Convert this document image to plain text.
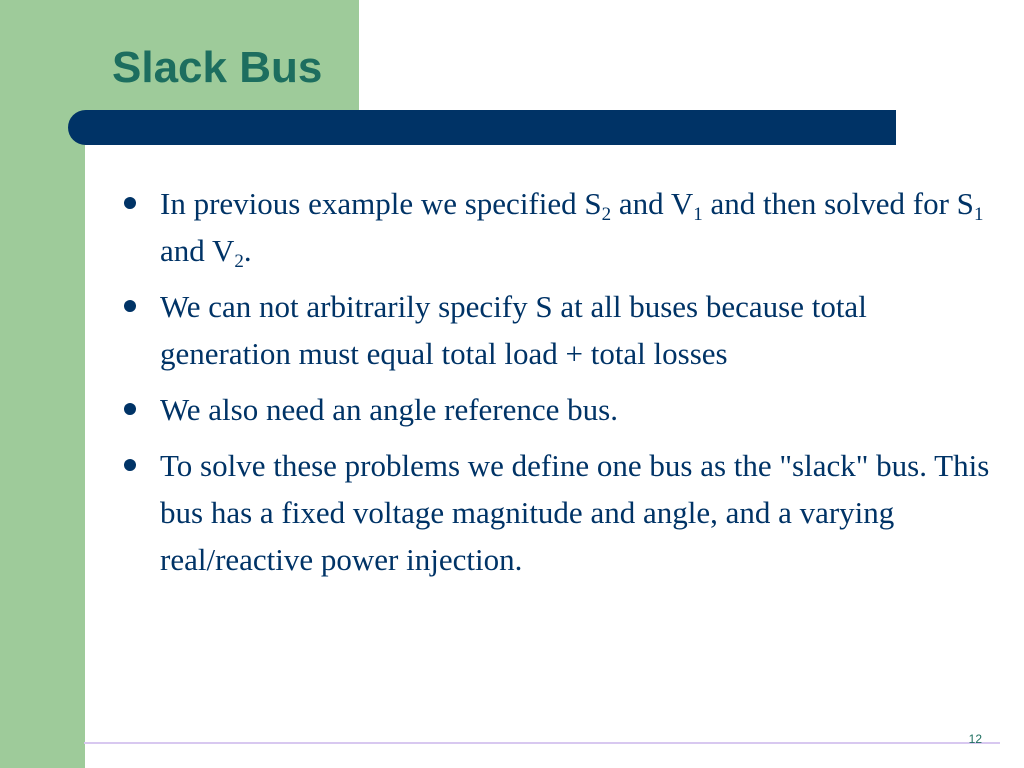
Slack Bus
In previous example we specified $S_2$ and $V_1$ and then solved for $S_1$ and $V_2$.
We can not arbitrarily specify S at all buses because total generation must equal total load + total losses
We also need an angle reference bus.
To solve these problems we define one bus as the "slack" bus. This bus has a fixed voltage magnitude and angle, and a varying real/reactive power injection.
12
